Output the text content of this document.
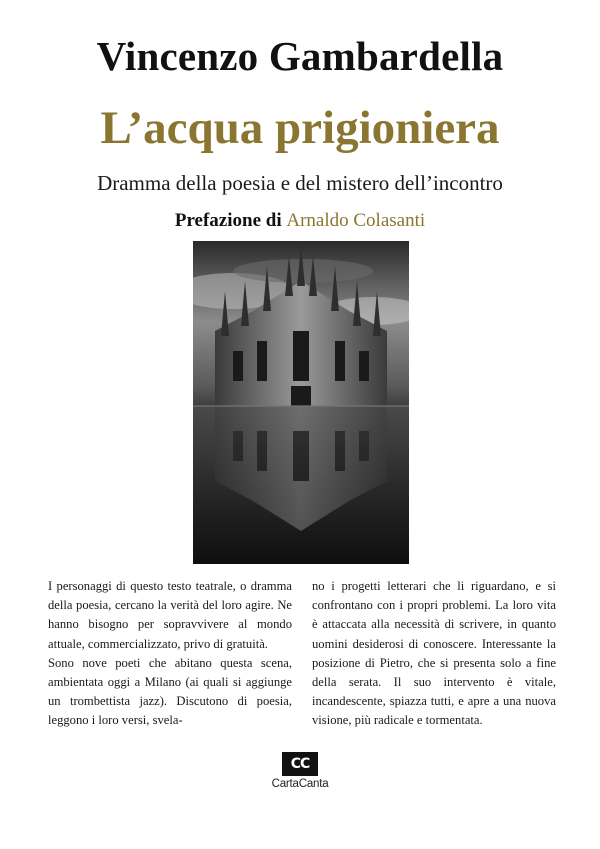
Vincenzo Gambardella
L’acqua prigioniera
Dramma della poesia e del mistero dell’incontro
Prefazione di Arnaldo Colasanti

I personaggi di questo testo teatrale, o dramma della poesia, cercano la verità del loro agire. Ne hanno bisogno per sopravvivere al mondo attuale, commercializzato, privo di gratuità.

Sono nove poeti che abitano questa scena, ambientata oggi a Milano (ai quali si aggiunge un trombettista jazz). Discutono di poesia, leggono i loro versi, svela-

no i progetti letterari che li riguardano, e si confrontano con i propri problemi. La loro vita è attaccata alla necessità di scrivere, in quanto uomini desiderosi di conoscere. Interessante la posizione di Pietro, che si presenta solo a fine della serata. Il suo intervento è vitale, incandescente, spiazza tutti, e apre a una nuova visione, più radicale e tormentata.

CC
CartaCanta
